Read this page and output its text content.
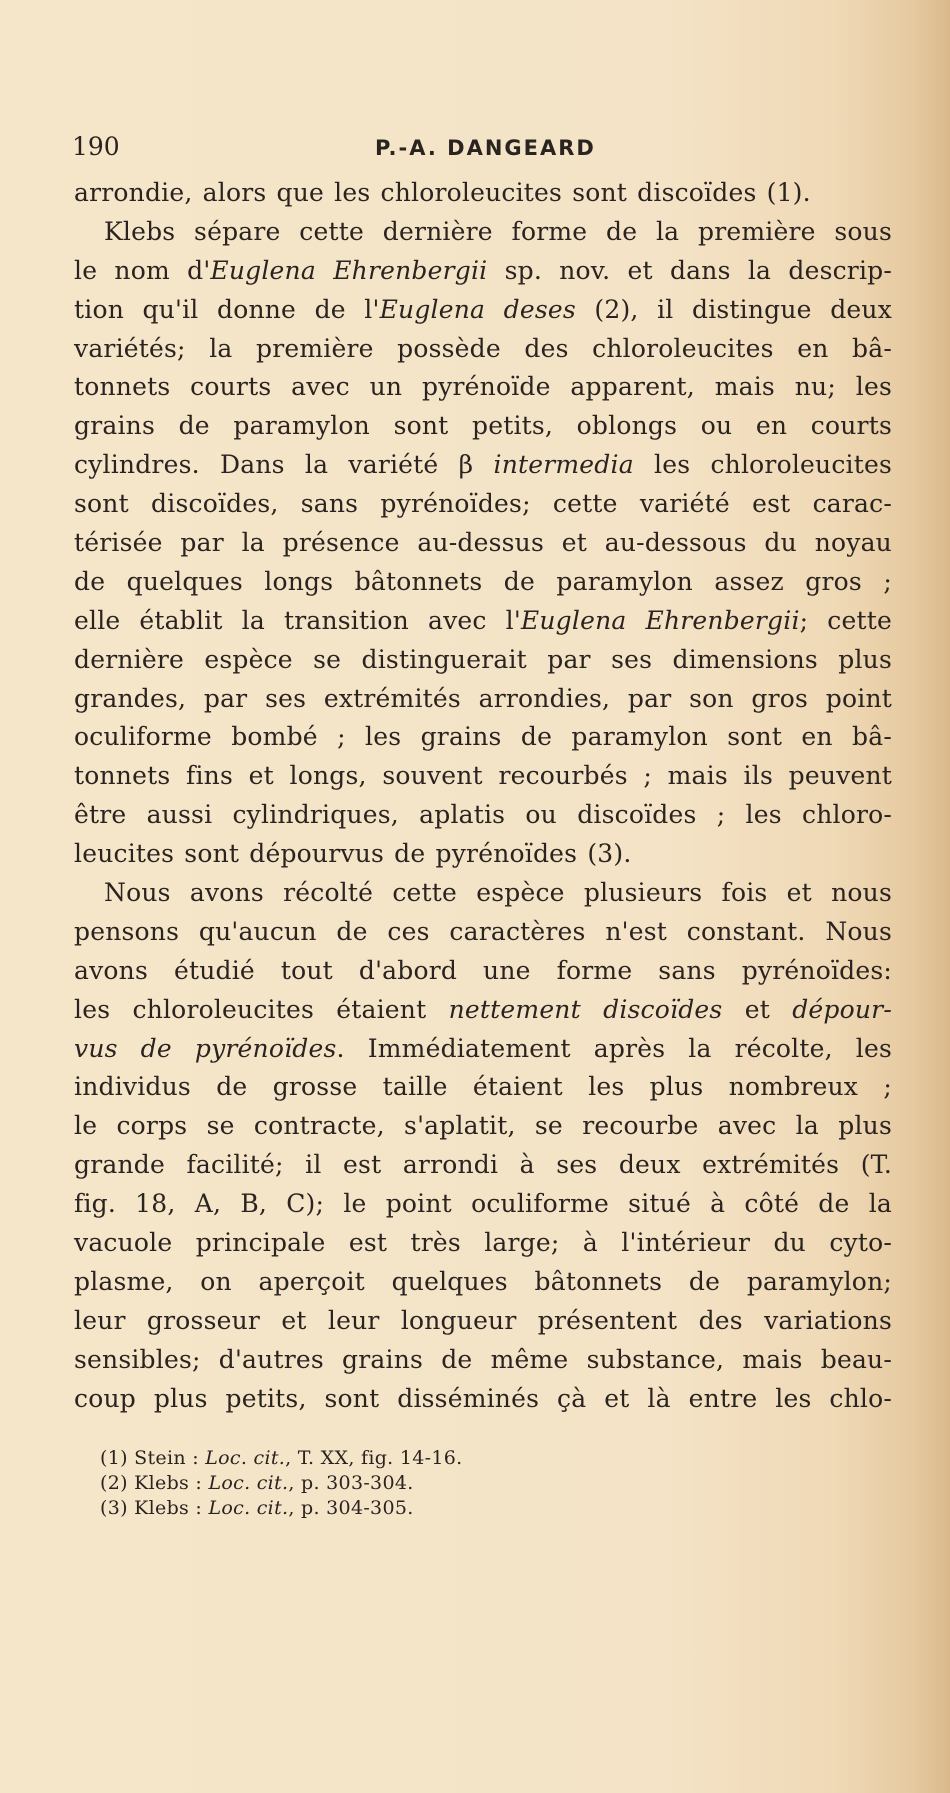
190	P.-A. DANGEARD
arrondie, alors que les chloroleucites sont discoïdes (1).
Klebs sépare cette dernière forme de la première sous
le nom d'Euglena Ehrenbergii sp. nov. et dans la descrip-
tion qu'il donne de l'Euglena deses (2), il distingue deux
variétés; la première possède des chloroleucites en bâ-
tonnets courts avec un pyrénoïde apparent, mais nu; les
grains de paramylon sont petits, oblongs ou en courts
cylindres. Dans la variété β intermedia les chloroleucites
sont discoïdes, sans pyrénoïdes; cette variété est carac-
térisée par la présence au-dessus et au-dessous du noyau
de quelques longs bâtonnets de paramylon assez gros ;
elle établit la transition avec l'Euglena Ehrenbergii; cette
dernière espèce se distinguerait par ses dimensions plus
grandes, par ses extrémités arrondies, par son gros point
oculiforme bombé ; les grains de paramylon sont en bâ-
tonnets fins et longs, souvent recourbés ; mais ils peuvent
être aussi cylindriques, aplatis ou discoïdes ; les chloro-
leucites sont dépourvus de pyrénoïdes (3).
Nous avons récolté cette espèce plusieurs fois et nous
pensons qu'aucun de ces caractères n'est constant. Nous
avons étudié tout d'abord une forme sans pyrénoïdes:
les chloroleucites étaient nettement discoïdes et dépour-
vus de pyrénoïdes. Immédiatement après la récolte, les
individus de grosse taille étaient les plus nombreux ;
le corps se contracte, s'aplatit, se recourbe avec la plus
grande facilité; il est arrondi à ses deux extrémités (T.
fig. 18, A, B, C); le point oculiforme situé à côté de la
vacuole principale est très large; à l'intérieur du cyto-
plasme, on aperçoit quelques bâtonnets de paramylon;
leur grosseur et leur longueur présentent des variations
sensibles; d'autres grains de même substance, mais beau-
coup plus petits, sont disséminés çà et là entre les chlo-
(1) Stein : Loc. cit., T. XX, fig. 14-16.
(2) Klebs : Loc. cit., p. 303-304.
(3) Klebs : Loc. cit., p. 304-305.
